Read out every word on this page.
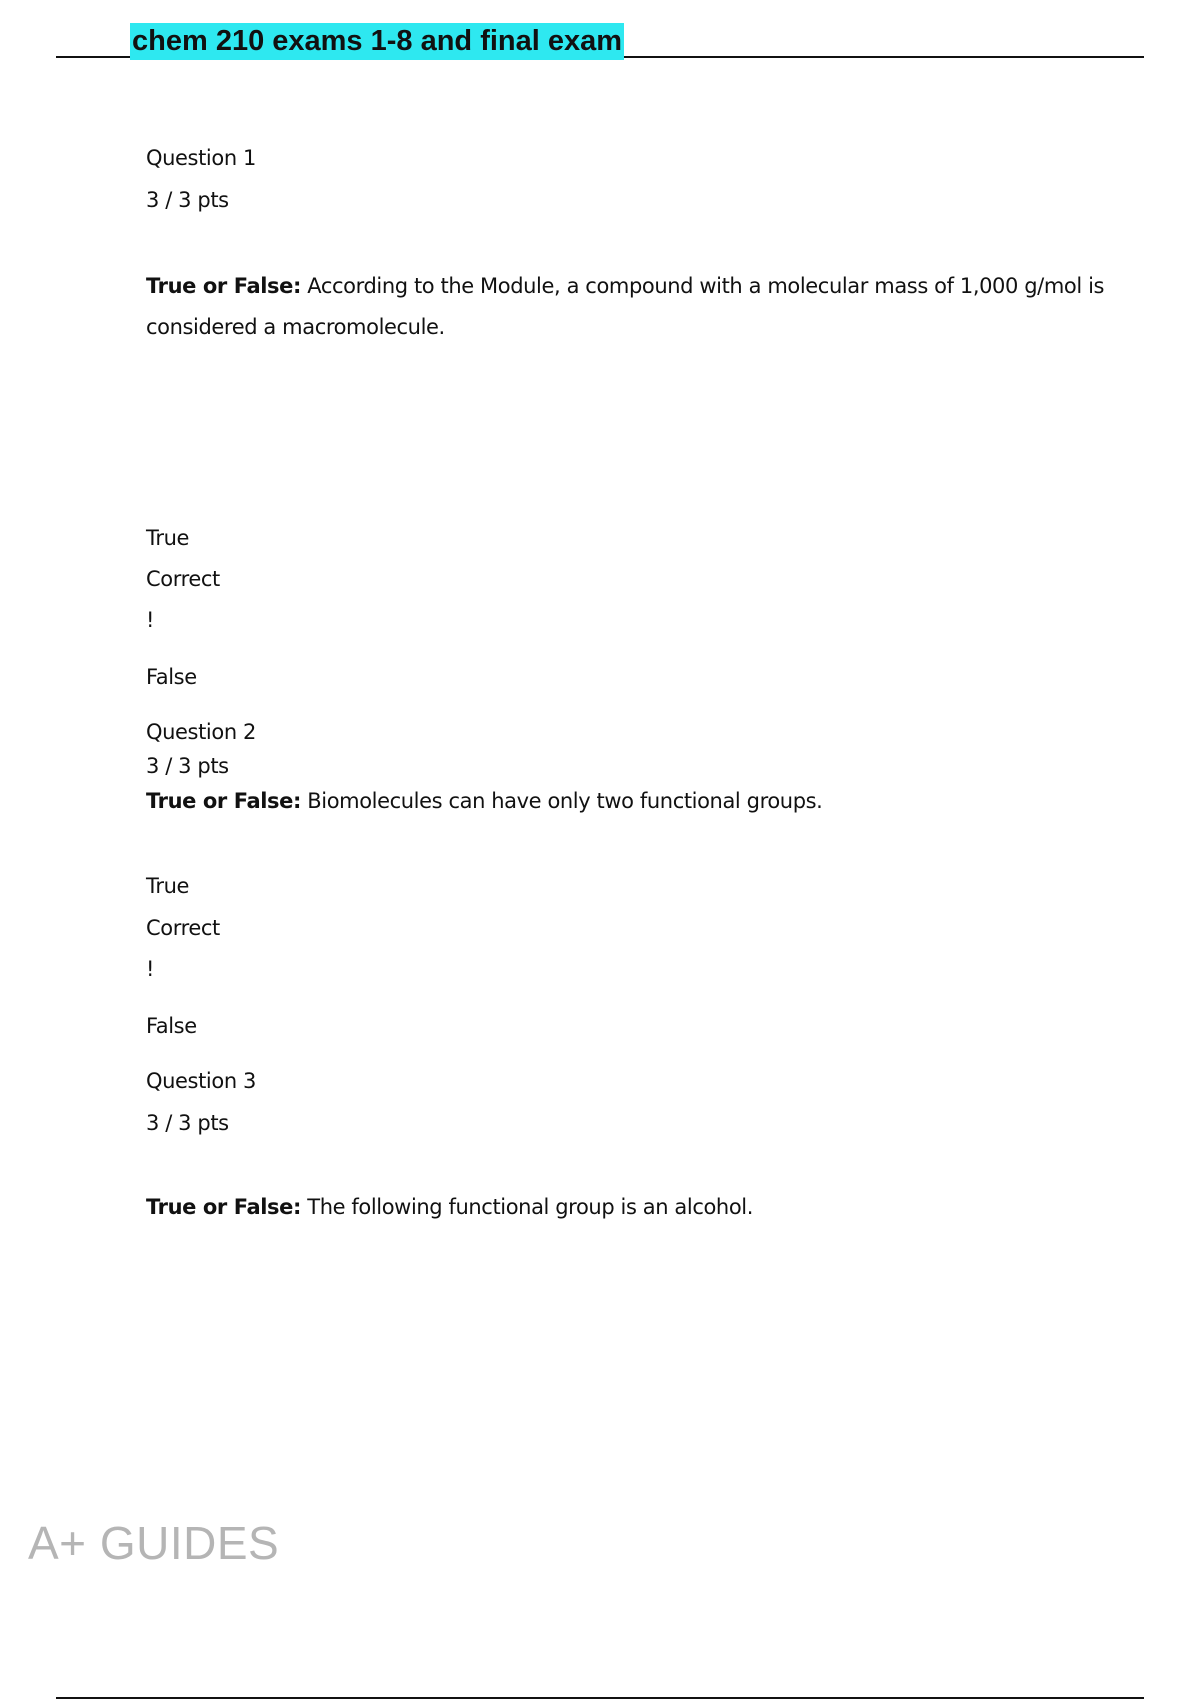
chem 210 exams 1-8 and final exam
Question 1
3 / 3 pts
True or False: According to the Module, a compound with a molecular mass of 1,000 g/mol is considered a macromolecule.
True
Correct
!
False
Question 2
3 / 3 pts
True or False: Biomolecules can have only two functional groups.
True
Correct
!
False
Question 3
3 / 3 pts
True or False: The following functional group is an alcohol.
A+ GUIDES
